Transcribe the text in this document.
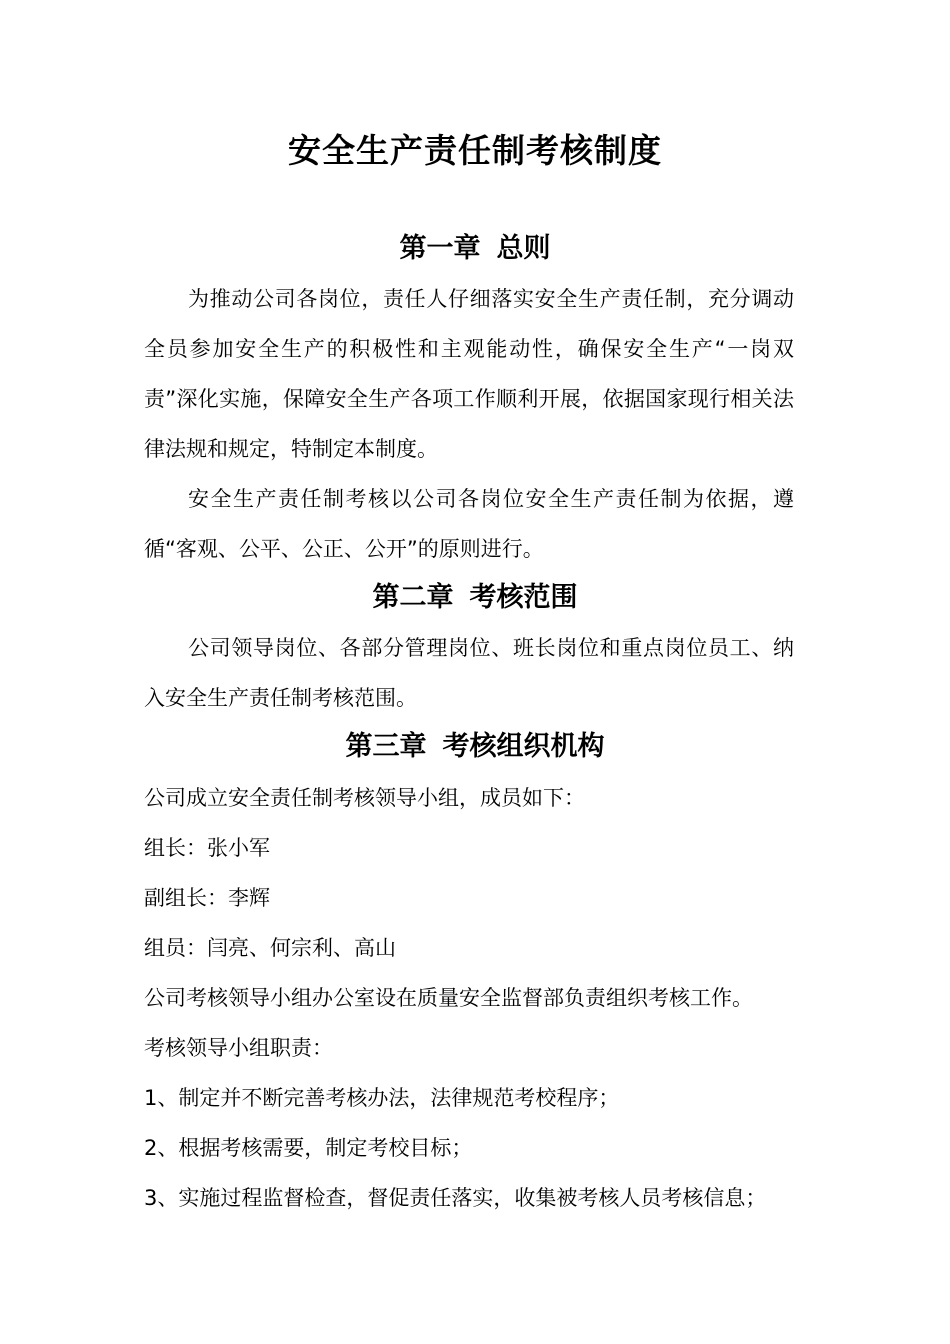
安全生产责任制考核制度
第一章 总则

为推动公司各岗位，责任人仔细落实安全生产责任制，充分调动全员参加安全生产的积极性和主观能动性，确保安全生产“一岗双责”深化实施，保障安全生产各项工作顺利开展，依据国家现行相关法律法规和规定，特制定本制度。

安全生产责任制考核以公司各岗位安全生产责任制为依据，遵循“客观、公平、公正、公开”的原则进行。

第二章 考核范围

公司领导岗位、各部分管理岗位、班长岗位和重点岗位员工、纳入安全生产责任制考核范围。

第三章 考核组织机构
公司成立安全责任制考核领导小组，成员如下：
组长：张小军
副组长：李辉
组员：闫亮、何宗利、高山
公司考核领导小组办公室设在质量安全监督部负责组织考核工作。
考核领导小组职责：
1、制定并不断完善考核办法，法律规范考校程序；
2、根据考核需要，制定考校目标；
3、实施过程监督检查，督促责任落实，收集被考核人员考核信息；
